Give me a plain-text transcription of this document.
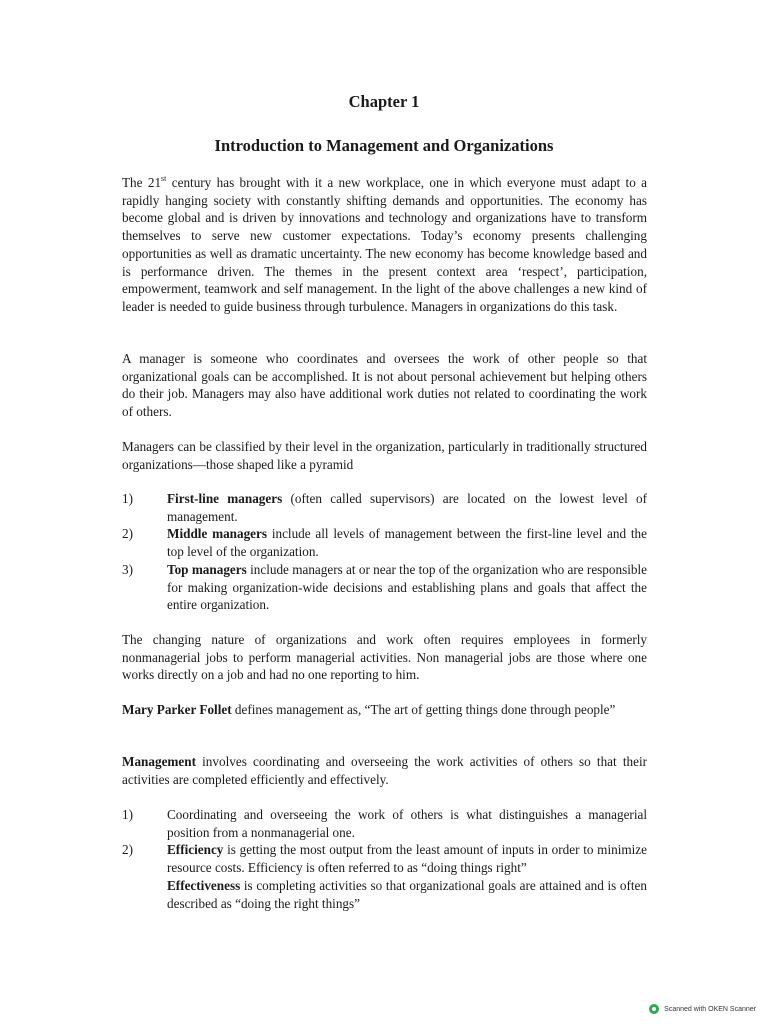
Chapter 1
Introduction to Management and Organizations

The 21st century has brought with it a new workplace, one in which everyone must adapt to a rapidly hanging society with constantly shifting demands and opportunities. The economy has become global and is driven by innovations and technology and organizations have to transform themselves to serve new customer expectations. Today’s economy presents challenging opportunities as well as dramatic uncertainty. The new economy has become knowledge based and is performance driven. The themes in the present context area ‘respect’, participation, empowerment, teamwork and self management. In the light of the above challenges a new kind of leader is needed to guide business through turbulence. Managers in organizations do this task.

A manager is someone who coordinates and oversees the work of other people so that organizational goals can be accomplished. It is not about personal achievement but helping others do their job. Managers may also have additional work duties not related to coordinating the work of others.

Managers can be classified by their level in the organization, particularly in traditionally structured organizations—those shaped like a pyramid

1)	First-line managers (often called supervisors) are located on the lowest level of management.
2)	Middle managers include all levels of management between the first-line level and the top level of the organization.
3)	Top managers include managers at or near the top of the organization who are responsible for making organization-wide decisions and establishing plans and goals that affect the entire organization.

The changing nature of organizations and work often requires employees in formerly nonmanagerial jobs to perform managerial activities. Non managerial jobs are those where one works directly on a job and had no one reporting to him.

Mary Parker Follet defines management as, “The art of getting things done through people”

Management involves coordinating and overseeing the work activities of others so that their activities are completed efficiently and effectively.

1)	Coordinating and overseeing the work of others is what distinguishes a managerial position from a nonmanagerial one.
2)	Efficiency is getting the most output from the least amount of inputs in order to minimize resource costs. Efficiency is often referred to as “doing things right”
Effectiveness is completing activities so that organizational goals are attained and is often described as “doing the right things”
Scanned with OKEN Scanner
